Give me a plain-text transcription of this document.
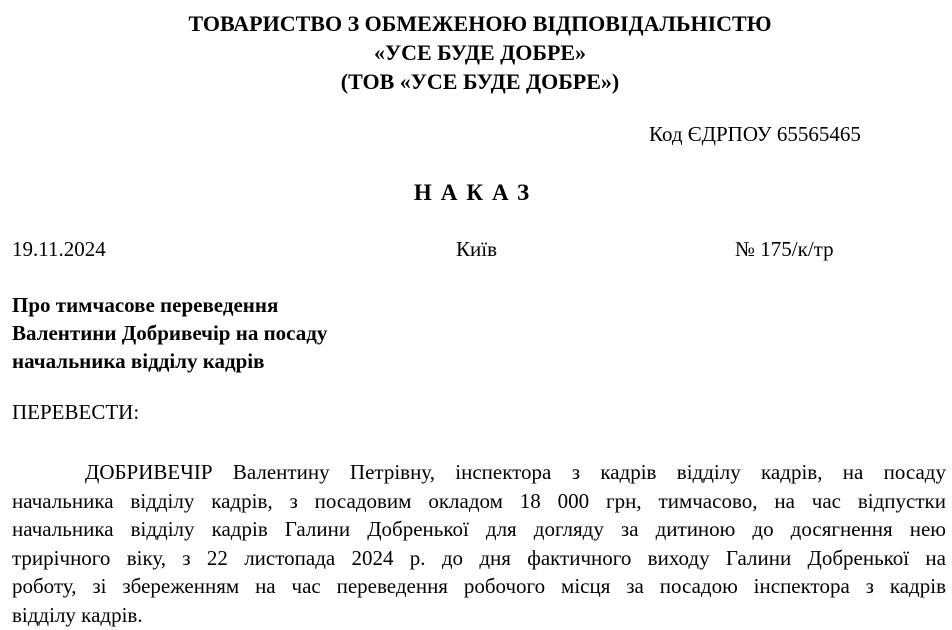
ТОВАРИСТВО З ОБМЕЖЕНОЮ ВІДПОВІДАЛЬНІСТЮ
«УСЕ БУДЕ ДОБРЕ»
(ТОВ «УСЕ БУДЕ ДОБРЕ»)
Код ЄДРПОУ 65565465
НАКАЗ
19.11.2024	Київ	№ 175/к/тр
Про тимчасове переведення
Валентини Добривечір на посаду
начальника відділу кадрів
ПЕРЕВЕСТИ:
ДОБРИВЕЧІР Валентину Петрівну, інспектора з кадрів відділу кадрів, на посаду
начальника відділу кадрів, з посадовим окладом 18 000 грн, тимчасово, на час відпустки
начальника відділу кадрів Галини Добренької для догляду за дитиною до досягнення нею
трирічного віку, з 22 листопада 2024 р. до дня фактичного виходу Галини Добренької на
роботу, зі збереженням на час переведення робочого місця за посадою інспектора з кадрів
відділу кадрів.
